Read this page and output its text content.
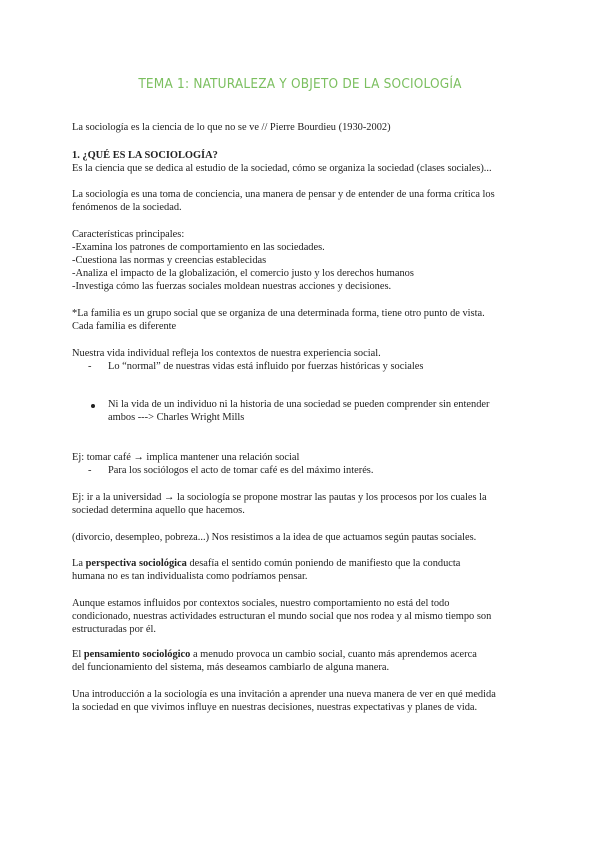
TEMA 1: NATURALEZA Y OBJETO DE LA SOCIOLOGÍA
La sociología es la ciencia de lo que no se ve // Pierre Bourdieu (1930-2002)
1. ¿QUÉ ES LA SOCIOLOGÍA?
Es la ciencia que se dedica al estudio de la sociedad, cómo se organiza la sociedad (clases sociales)...
La sociología es una toma de conciencia, una manera de pensar y de entender de una forma crítica los
fenómenos de la sociedad.
Características principales:
-Examina los patrones de comportamiento en las sociedades.
-Cuestiona las normas y creencias establecidas
-Analiza el impacto de la globalización, el comercio justo y los derechos humanos
-Investiga cómo las fuerzas sociales moldean nuestras acciones y decisiones.
*La familia es un grupo social que se organiza de una determinada forma, tiene otro punto de vista.
Cada familia es diferente
Nuestra vida individual refleja los contextos de nuestra experiencia social.
- Lo “normal” de nuestras vidas está influido por fuerzas históricas y sociales
Ni la vida de un individuo ni la historia de una sociedad se pueden comprender sin entender
ambos ---> Charles Wright Mills
Ej: tomar café → implica mantener una relación social
- Para los sociólogos el acto de tomar café es del máximo interés.
Ej: ir a la universidad → la sociología se propone mostrar las pautas y los procesos por los cuales la
sociedad determina aquello que hacemos.
(divorcio, desempleo, pobreza...) Nos resistimos a la idea de que actuamos según pautas sociales.
La perspectiva sociológica desafía el sentido común poniendo de manifiesto que la conducta
humana no es tan individualista como podríamos pensar.
Aunque estamos influidos por contextos sociales, nuestro comportamiento no está del todo
condicionado, nuestras actividades estructuran el mundo social que nos rodea y al mismo tiempo son
estructuradas por él.
El pensamiento sociológico a menudo provoca un cambio social, cuanto más aprendemos acerca
del funcionamiento del sistema, más deseamos cambiarlo de alguna manera.
Una introducción a la sociología es una invitación a aprender una nueva manera de ver en qué medida
la sociedad en que vivimos influye en nuestras decisiones, nuestras expectativas y planes de vida.
